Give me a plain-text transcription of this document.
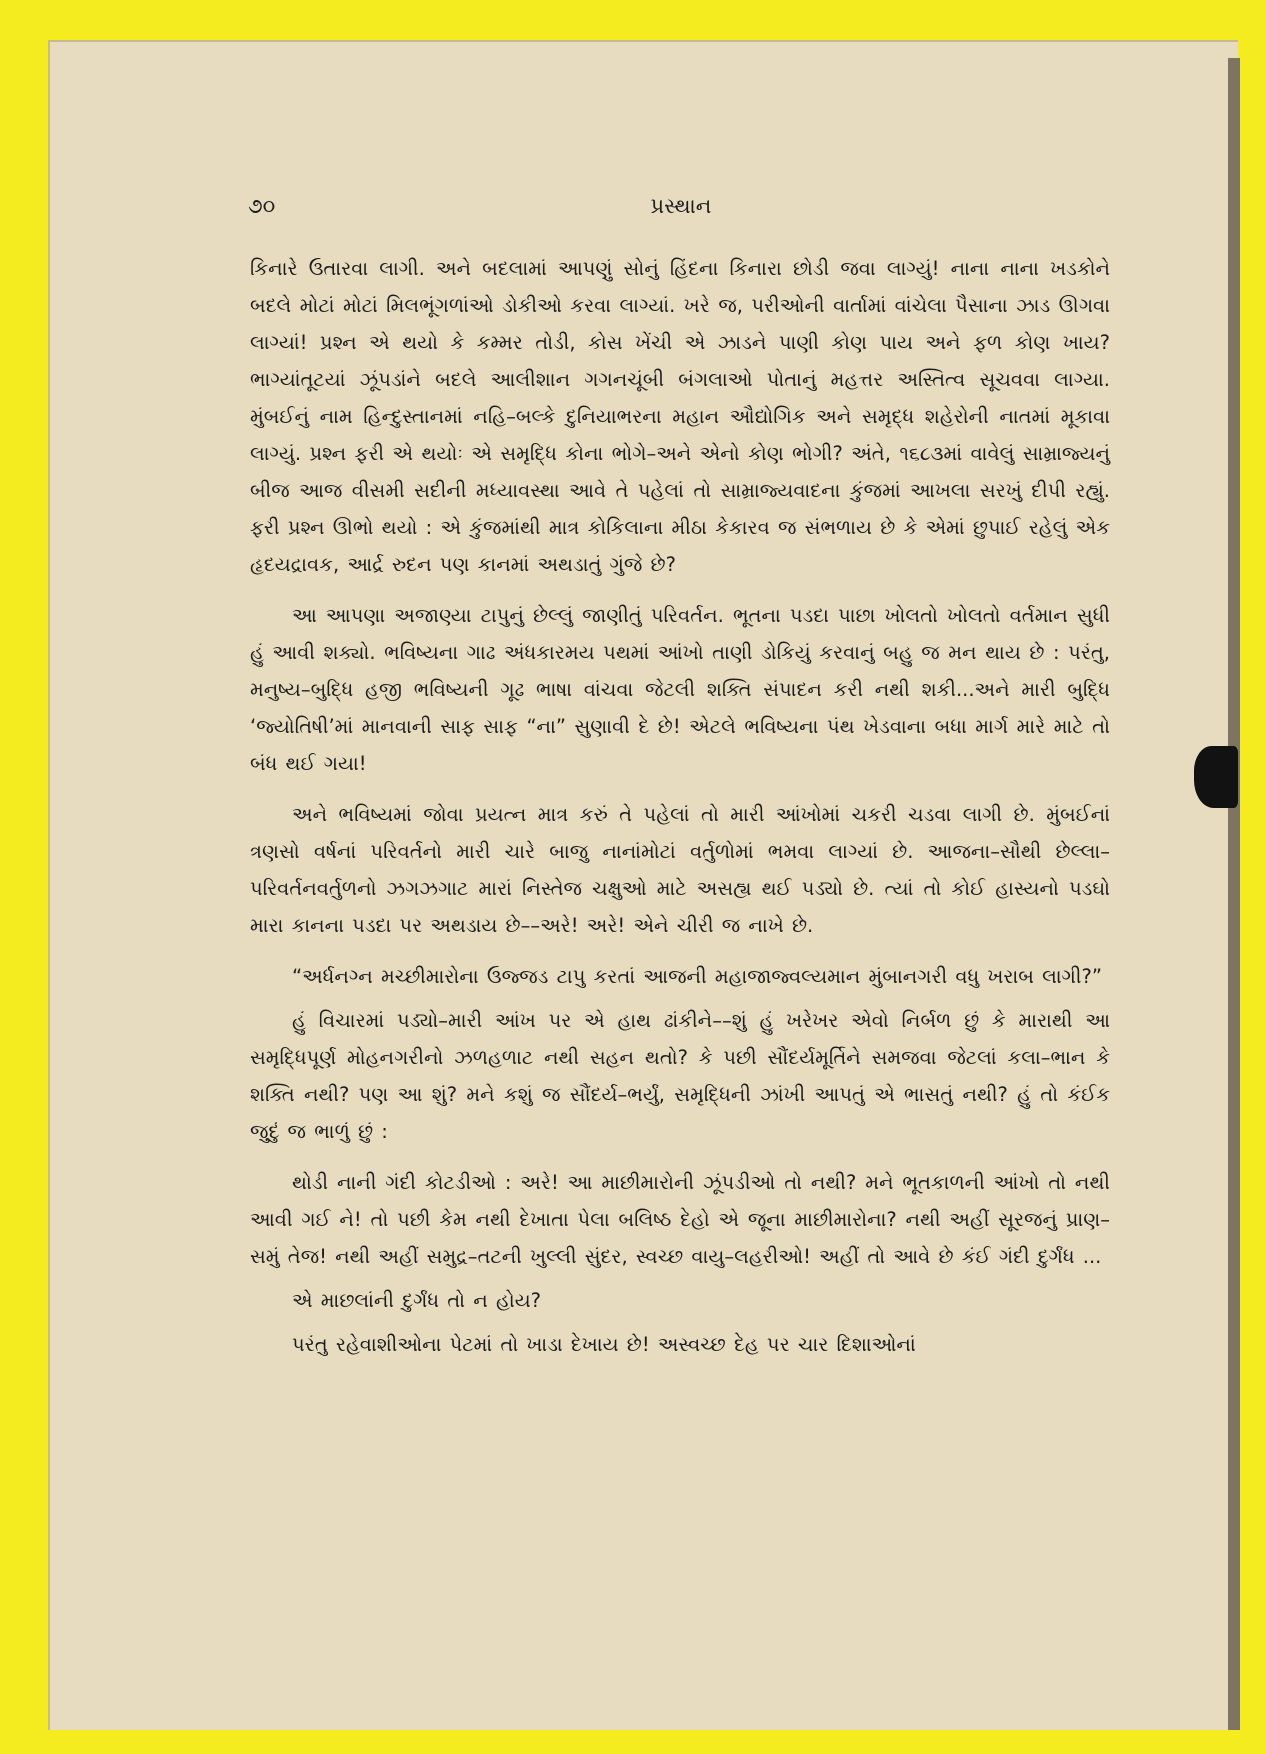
૭૦	પ્રસ્થાન

કિનારે ઉતારવા લાગી. અને બદલામાં આપણું સોનું હિંદના કિનારા છોડી જવા લાગ્યું! નાના નાના ખડકોને બદલે મોટાં મોટાં મિલભૂંગળાંઓ ડોકીઓ કરવા લાગ્યાં. ખરે જ, પરીઓની વાર્તામાં વાંચેલા પૈસાના ઝાડ ઊગવા લાગ્યાં! પ્રશ્ન એ થયો કે કમ્મર તોડી, કોસ ખેંચી એ ઝાડને પાણી કોણ પાય અને ફળ કોણ ખાય? ભાગ્યાંતૂટયાં ઝૂંપડાંને બદલે આલીશાન ગગનચૂંબી બંગલાઓ પોતાનું મહત્તર અસ્તિત્વ સૂચવવા લાગ્યા. મુંબઈનું નામ હિન્દુસ્તાનમાં નહિ–બલ્કે દુનિયાભરના મહાન ઔદ્યોગિક અને સમૃદ્ધ શહેરોની નાતમાં મૂકાવા લાગ્યું. પ્રશ્ન ફરી એ થયોઃ એ સમૃદ્ધિ કોના ભોગે–અને એનો કોણ ભોગી? અંતે, ૧૬૮૩માં વાવેલું સામ્રાજ્યનું બીજ આજ વીસમી સદીની મધ્યાવસ્થા આવે તે પહેલાં તો સામ્રાજ્યવાદના કુંજમાં આખલા સરખું દીપી રહ્યું. ફરી પ્રશ્ન ઊભો થયો : એ કુંજમાંથી માત્ર કોકિલાના મીઠા કેકારવ જ સંભળાય છે કે એમાં છુપાઈ રહેલું એક હૃદયદ્રાવક, આર્દ્ર રુદન પણ કાનમાં અથડાતું ગુંજે છે?

આ આપણા અજાણ્યા ટાપુનું છેલ્લું જાણીતું પરિવર્તન. ભૂતના પડદા પાછા ખોલતો ખોલતો વર્તમાન સુધી હું આવી શક્યો. ભવિષ્યના ગાઢ અંધકારમય પથમાં આંખો તાણી ડોકિયું કરવાનું બહુ જ મન થાય છે : પરંતુ, મનુષ્ય–બુદ્ધિ હજી ભવિષ્યની ગૂઢ ભાષા વાંચવા જેટલી શક્તિ સંપાદન કરી નથી શકી...અને મારી બુદ્ધિ ‘જ્યોતિષી’માં માનવાની સાફ સાફ “ના” સુણાવી દે છે! એટલે ભવિષ્યના પંથ ખેડવાના બધા માર્ગ મારે માટે તો બંધ થઈ ગયા!

અને ભવિષ્યમાં જોવા પ્રયત્ન માત્ર કરું તે પહેલાં તો મારી આંખોમાં ચકરી ચડવા લાગી છે. મુંબઈનાં ત્રણસો વર્ષનાં પરિવર્તનો મારી ચારે બાજુ નાનાંમોટાં વર્તુળોમાં ભમવા લાગ્યાં છે. આજના–સૌથી છેલ્લા–પરિવર્તનવર્તુળનો ઝગઝગાટ મારાં નિસ્તેજ ચક્ષુઓ માટે અસહ્ય થઈ પડ્યો છે. ત્યાં તો કોઈ હાસ્યનો પડઘો મારા કાનના પડદા પર અથડાય છે––અરે! અરે! એને ચીરી જ નાખે છે.

“અર્ધનગ્ન મચ્છીમારોના ઉજ્જડ ટાપુ કરતાં આજની મહાજાજ્વલ્યમાન મુંબાનગરી વધુ ખરાબ લાગી?”

હું વિચારમાં પડ્યો–મારી આંખ પર એ હાથ ઢાંકીને––શું હું ખરેખર એવો નિર્બળ છું કે મારાથી આ સમૃદ્ધિપૂર્ણ મોહનગરીનો ઝળહળાટ નથી સહન થતો? કે પછી સૌંદર્યમૂર્તિને સમજવા જેટલાં કલા–ભાન કે શક્તિ નથી? પણ આ શું? મને કશું જ સૌંદર્ય–ભર્યું, સમૃદ્ધિની ઝાંખી આપતું એ ભાસતું નથી? હું તો કંઈક જુદું જ ભાળું છું :

થોડી નાની ગંદી કોટડીઓ : અરે! આ માછીમારોની ઝૂંપડીઓ તો નથી? મને ભૂતકાળની આંખો તો નથી આવી ગઈ ને! તો પછી કેમ નથી દેખાતા પેલા બલિષ્ઠ દેહો એ જૂના માછીમારોના? નથી અહીં સૂરજનું પ્રાણ–સમું તેજ! નથી અહીં સમુદ્ર–તટની ખુલ્લી સુંદર, સ્વચ્છ વાયુ–લહરીઓ! અહીં તો આવે છે કંઈ ગંદી દુર્ગંધ ...

એ માછલાંની દુર્ગંધ તો ન હોય?

પરંતુ રહેવાશીઓના પેટમાં તો ખાડા દેખાય છે! અસ્વચ્છ દેહ પર ચાર દિશાઓનાં
